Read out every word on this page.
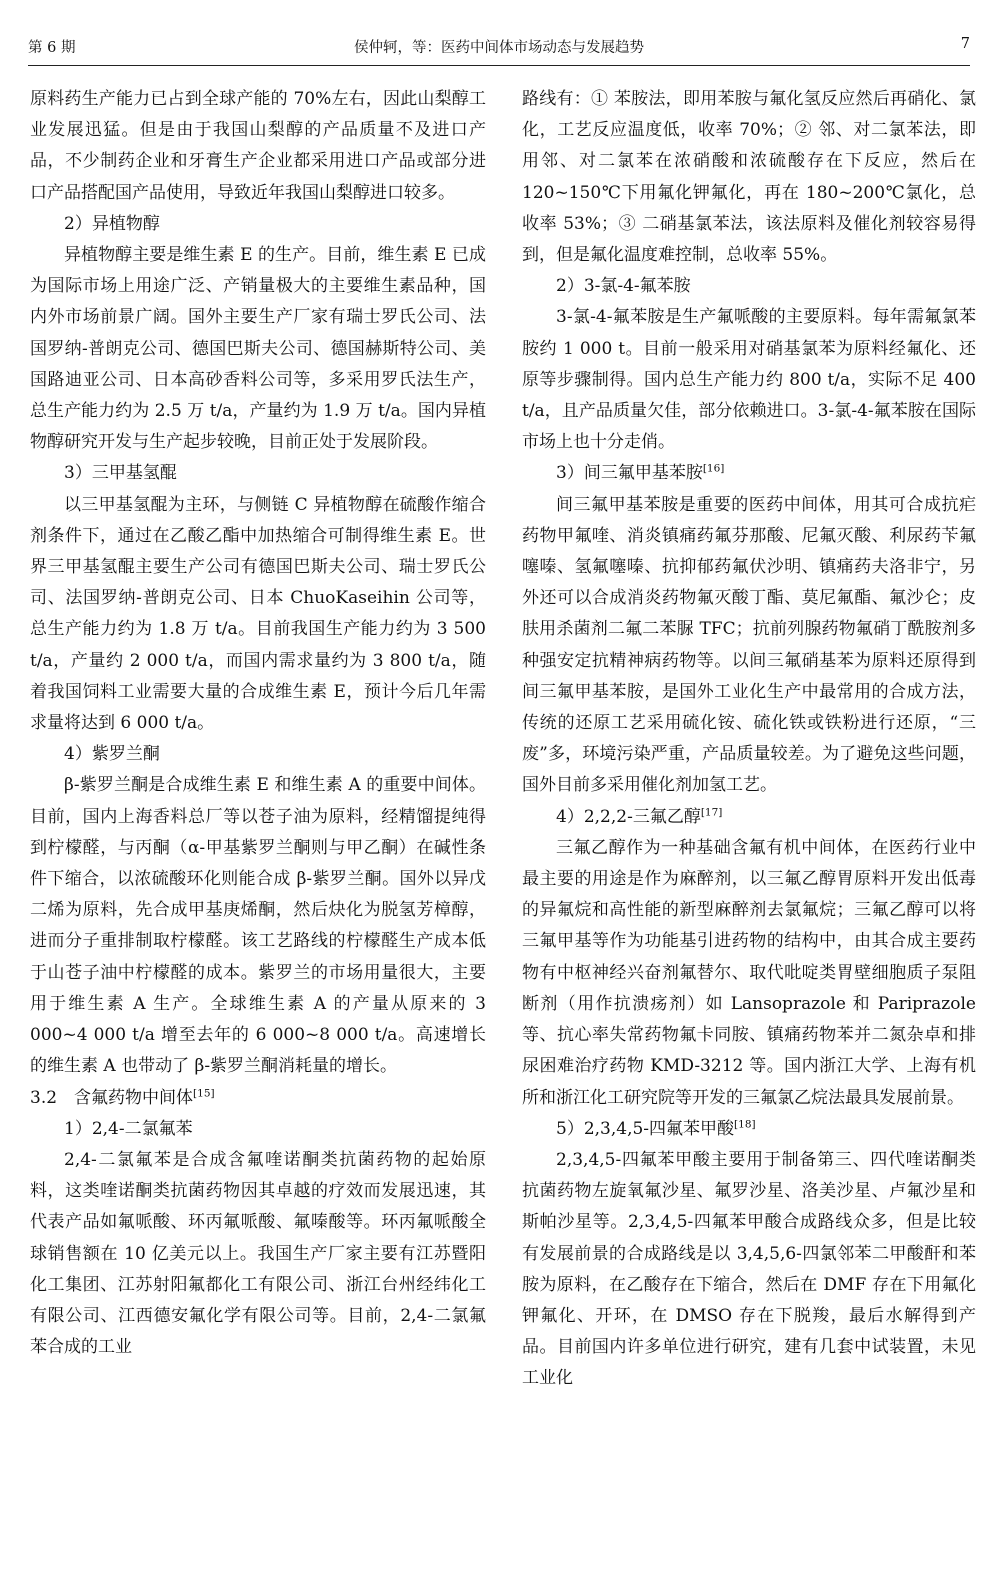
第 6 期	侯仲轲，等：医药中间体市场动态与发展趋势	7

原料药生产能力已占到全球产能的 70%左右，因此山梨醇工业发展迅猛。但是由于我国山梨醇的产品质量不及进口产品，不少制药企业和牙膏生产企业都采用进口产品或部分进口产品搭配国产品使用，导致近年我国山梨醇进口较多。

2）异植物醇

异植物醇主要是维生素 E 的生产。目前，维生素 E 已成为国际市场上用途广泛、产销量极大的主要维生素品种，国内外市场前景广阔。国外主要生产厂家有瑞士罗氏公司、法国罗纳-普朗克公司、德国巴斯夫公司、德国赫斯特公司、美国路迪亚公司、日本高砂香料公司等，多采用罗氏法生产，总生产能力约为 2.5 万 t/a，产量约为 1.9 万 t/a。国内异植物醇研究开发与生产起步较晚，目前正处于发展阶段。

3）三甲基氢醌

以三甲基氢醌为主环，与侧链 C 异植物醇在硫酸作缩合剂条件下，通过在乙酸乙酯中加热缩合可制得维生素 E。世界三甲基氢醌主要生产公司有德国巴斯夫公司、瑞士罗氏公司、法国罗纳-普朗克公司、日本 ChuoKaseihin 公司等，总生产能力约为 1.8 万 t/a。目前我国生产能力约为 3 500 t/a，产量约 2 000 t/a，而国内需求量约为 3 800 t/a，随着我国饲料工业需要大量的合成维生素 E，预计今后几年需求量将达到 6 000 t/a。

4）紫罗兰酮

β-紫罗兰酮是合成维生素 E 和维生素 A 的重要中间体。目前，国内上海香料总厂等以苍子油为原料，经精馏提纯得到柠檬醛，与丙酮（α-甲基紫罗兰酮则与甲乙酮）在碱性条件下缩合，以浓硫酸环化则能合成 β-紫罗兰酮。国外以异戊二烯为原料，先合成甲基庚烯酮，然后炔化为脱氢芳樟醇，进而分子重排制取柠檬醛。该工艺路线的柠檬醛生产成本低于山苍子油中柠檬醛的成本。紫罗兰的市场用量很大，主要用于维生素 A 生产。全球维生素 A 的产量从原来的 3 000~4 000 t/a 增至去年的 6 000~8 000 t/a。高速增长的维生素 A 也带动了 β-紫罗兰酮消耗量的增长。

3.2　含氟药物中间体[15]

1）2,4-二氯氟苯

2,4-二氯氟苯是合成含氟喹诺酮类抗菌药物的起始原料，这类喹诺酮类抗菌药物因其卓越的疗效而发展迅速，其代表产品如氟哌酸、环丙氟哌酸、氟嗪酸等。环丙氟哌酸全球销售额在 10 亿美元以上。我国生产厂家主要有江苏暨阳化工集团、江苏射阳氟都化工有限公司、浙江台州经纬化工有限公司、江西德安氟化学有限公司等。目前，2,4-二氯氟苯合成的工业

路线有：① 苯胺法，即用苯胺与氟化氢反应然后再硝化、氯化，工艺反应温度低，收率 70%；② 邻、对二氯苯法，即用邻、对二氯苯在浓硝酸和浓硫酸存在下反应，然后在 120~150℃下用氟化钾氟化，再在 180~200℃氯化，总收率 53%；③ 二硝基氯苯法，该法原料及催化剂较容易得到，但是氟化温度难控制，总收率 55%。

2）3-氯-4-氟苯胺

3-氯-4-氟苯胺是生产氟哌酸的主要原料。每年需氟氯苯胺约 1 000 t。目前一般采用对硝基氯苯为原料经氟化、还原等步骤制得。国内总生产能力约 800 t/a，实际不足 400 t/a，且产品质量欠佳，部分依赖进口。3-氯-4-氟苯胺在国际市场上也十分走俏。

3）间三氟甲基苯胺[16]

间三氟甲基苯胺是重要的医药中间体，用其可合成抗疟药物甲氟喹、消炎镇痛药氟芬那酸、尼氟灭酸、利尿药苄氟噻嗪、氢氟噻嗪、抗抑郁药氟伏沙明、镇痛药夫洛非宁，另外还可以合成消炎药物氟灭酸丁酯、莫尼氟酯、氟沙仑；皮肤用杀菌剂二氟二苯脲 TFC；抗前列腺药物氟硝丁酰胺剂多种强安定抗精神病药物等。以间三氟硝基苯为原料还原得到间三氟甲基苯胺，是国外工业化生产中最常用的合成方法，传统的还原工艺采用硫化铵、硫化铁或铁粉进行还原，“三废”多，环境污染严重，产品质量较差。为了避免这些问题，国外目前多采用催化剂加氢工艺。

4）2,2,2-三氟乙醇[17]

三氟乙醇作为一种基础含氟有机中间体，在医药行业中最主要的用途是作为麻醉剂，以三氟乙醇胃原料开发出低毒的异氟烷和高性能的新型麻醉剂去氯氟烷；三氟乙醇可以将三氟甲基等作为功能基引进药物的结构中，由其合成主要药物有中枢神经兴奋剂氟替尔、取代吡啶类胃壁细胞质子泵阻断剂（用作抗溃疡剂）如 Lansoprazole 和 Pariprazole 等、抗心率失常药物氟卡同胺、镇痛药物苯并二氮杂卓和排尿困难治疗药物 KMD-3212 等。国内浙江大学、上海有机所和浙江化工研究院等开发的三氟氯乙烷法最具发展前景。

5）2,3,4,5-四氟苯甲酸[18]

2,3,4,5-四氟苯甲酸主要用于制备第三、四代喹诺酮类抗菌药物左旋氧氟沙星、氟罗沙星、洛美沙星、卢氟沙星和斯帕沙星等。2,3,4,5-四氟苯甲酸合成路线众多，但是比较有发展前景的合成路线是以 3,4,5,6-四氯邻苯二甲酸酐和苯胺为原料，在乙酸存在下缩合，然后在 DMF 存在下用氟化钾氟化、开环，在 DMSO 存在下脱羧，最后水解得到产品。目前国内许多单位进行研究，建有几套中试装置，未见工业化
